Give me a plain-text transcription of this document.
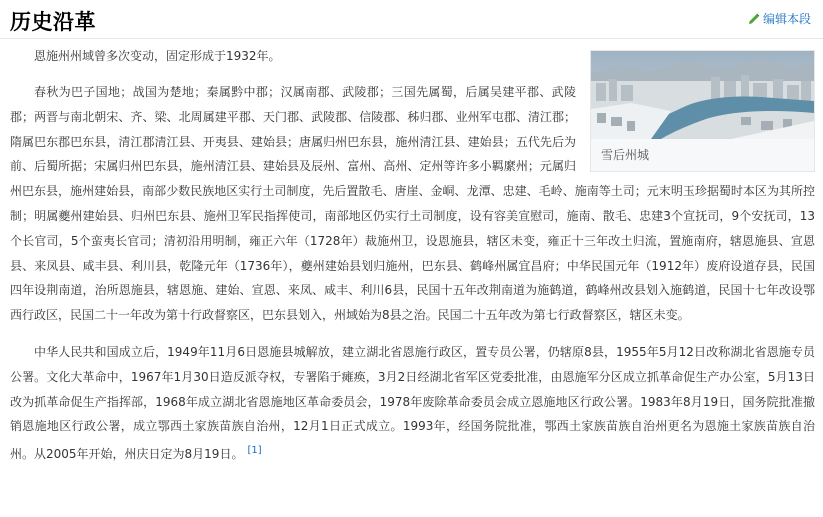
历史沿革	编辑本段
雪后州城

恩施州州域曾多次变动，固定形成于1932年。

春秋为巴子国地；战国为楚地；秦属黔中郡；汉属南郡、武陵郡；三国先属蜀，后属吴建平郡、武陵郡；两晋与南北朝宋、齐、梁、北周属建平郡、天门郡、武陵郡、信陵郡、秭归郡、业州军屯郡、清江郡；隋属巴东郡巴东县，清江郡清江县、开夷县、建始县；唐属归州巴东县，施州清江县、建始县；五代先后为前、后蜀所据；宋属归州巴东县，施州清江县、建始县及辰州、富州、高州、定州等许多小羁縻州；元属归州巴东县，施州建始县，南部少数民族地区实行土司制度，先后置散毛、唐崖、金峒、龙潭、忠建、毛岭、施南等土司；元末明玉珍据蜀时本区为其所控制；明属夔州建始县、归州巴东县、施州卫军民指挥使司，南部地区仍实行土司制度，设有容美宣慰司，施南、散毛、忠建3个宣抚司，9个安抚司，13个长官司，5个蛮夷长官司；清初沿用明制，雍正六年（1728年）裁施州卫，设恩施县，辖区未变，雍正十三年改土归流，置施南府，辖恩施县、宣恩县、来凤县、咸丰县、利川县，乾隆元年（1736年），夔州建始县划归施州，巴东县、鹤峰州属宜昌府；中华民国元年（1912年）废府设道存县，民国四年设荆南道，治所恩施县，辖恩施、建始、宣恩、来凤、咸丰、利川6县，民国十五年改荆南道为施鹤道，鹤峰州改县划入施鹤道，民国十七年改设鄂西行政区，民国二十一年改为第十行政督察区，巴东县划入，州域始为8县之治。民国二十五年改为第七行政督察区，辖区未变。

中华人民共和国成立后，1949年11月6日恩施县城解放，建立湖北省恩施行政区，置专员公署，仍辖原8县，1955年5月12日改称湖北省恩施专员公署。文化大革命中，1967年1月30日造反派夺权，专署陷于瘫痪，3月2日经湖北省军区党委批准，由恩施军分区成立抓革命促生产办公室，5月13日改为抓革命促生产指挥部，1968年成立湖北省恩施地区革命委员会，1978年废除革命委员会成立恩施地区行政公署。1983年8月19日，国务院批准撤销恩施地区行政公署，成立鄂西土家族苗族自治州，12月1日正式成立。1993年，经国务院批准，鄂西土家族苗族自治州更名为恩施土家族苗族自治州。从2005年开始，州庆日定为8月19日。 [1]
